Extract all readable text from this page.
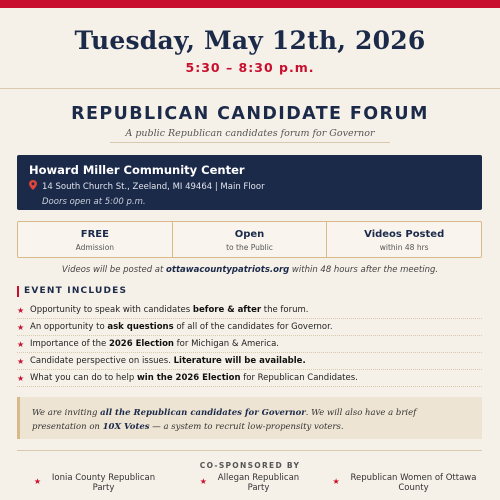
Tuesday, May 12th, 2026
5:30 – 8:30 p.m.
REPUBLICAN CANDIDATE FORUM
A public Republican candidates forum for Governor
Howard Miller Community Center
14 South Church St., Zeeland, MI 49464 | Main Floor
Doors open at 5:00 p.m.
FREE
Admission
Open
to the Public
Videos Posted
within 48 hrs
Videos will be posted at ottawacountypatriots.org within 48 hours after the meeting.
EVENT INCLUDES
★ Opportunity to speak with candidates before & after the forum.
★ An opportunity to ask questions of all of the candidates for Governor.
★ Importance of the 2026 Election for Michigan & America.
★ Candidate perspective on issues. Literature will be available.
★ What you can do to help win the 2026 Election for Republican Candidates.
We are inviting all the Republican candidates for Governor. We will also have a brief presentation on 10X Votes — a system to recruit low-propensity voters.
CO-SPONSORED BY
★	Ionia County Republican
Party
★	Allegan Republican
Party
★	Republican Women of Ottawa
County
